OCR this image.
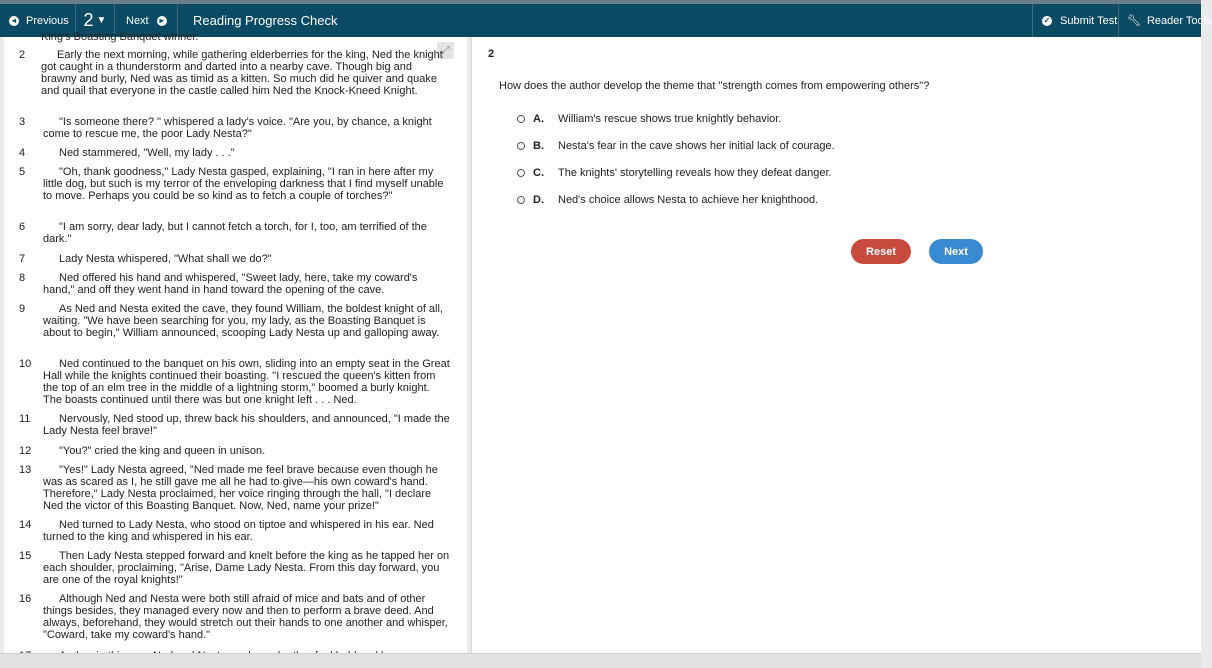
◂ Previous 2 ▼ Next	▸ Reading Progress Check	✓ Submit Test 🔧︎ Reader Tools
King's Boasting Banquet winner.
⤢
2	Early the next morning, while gathering elderberries for the king, Ned the knight got caught in a thunderstorm and darted into a nearby cave. Though big and brawny and burly, Ned was as timid as a kitten. So much did he quiver and quake and quail that everyone in the castle called him Ned the Knock-Kneed Knight.
3	"Is someone there? " whispered a lady's voice. "Are you, by chance, a knight come to rescue me, the poor Lady Nesta?"
4	Ned stammered, "Well, my lady . . ."
5	"Oh, thank goodness," Lady Nesta gasped, explaining, "I ran in here after my little dog, but such is my terror of the enveloping darkness that I find myself unable to move. Perhaps you could be so kind as to fetch a couple of torches?"
6	"I am sorry, dear lady, but I cannot fetch a torch, for I, too, am terrified of the dark."
7	Lady Nesta whispered, "What shall we do?"
8	Ned offered his hand and whispered, "Sweet lady, here, take my coward's hand," and off they went hand in hand toward the opening of the cave.
9	As Ned and Nesta exited the cave, they found William, the boldest knight of all, waiting. "We have been searching for you, my lady, as the Boasting Banquet is about to begin," William announced, scooping Lady Nesta up and galloping away.
10	Ned continued to the banquet on his own, sliding into an empty seat in the Great Hall while the knights continued their boasting. "I rescued the queen's kitten from the top of an elm tree in the middle of a lightning storm," boomed a burly knight. The boasts continued until there was but one knight left . . . Ned.
11	Nervously, Ned stood up, threw back his shoulders, and announced, "I made the Lady Nesta feel brave!"
12	"You?" cried the king and queen in unison.
13	"Yes!" Lady Nesta agreed, "Ned made me feel brave because even though he was as scared as I, he still gave me all he had to give—his own coward's hand. Therefore," Lady Nesta proclaimed, her voice ringing through the hall, "I declare Ned the victor of this Boasting Banquet. Now, Ned, name your prize!"
14	Ned turned to Lady Nesta, who stood on tiptoe and whispered in his ear. Ned turned to the king and whispered in his ear.
15	Then Lady Nesta stepped forward and knelt before the king as he tapped her on each shoulder, proclaiming, "Arise, Dame Lady Nesta. From this day forward, you are one of the royal knights!"
16	Although Ned and Nesta were both still afraid of mice and bats and of other things besides, they managed every now and then to perform a brave deed. And always, beforehand, they would stretch out their hands to one another and whisper, "Coward, take my coward's hand."
2
How does the author develop the theme that "strength comes from empowering others"?
A.	William's rescue shows true knightly behavior.
B.	Nesta's fear in the cave shows her initial lack of courage.
C.	The knights' storytelling reveals how they defeat danger.
D.	Ned's choice allows Nesta to achieve her knighthood.
Reset	Next
